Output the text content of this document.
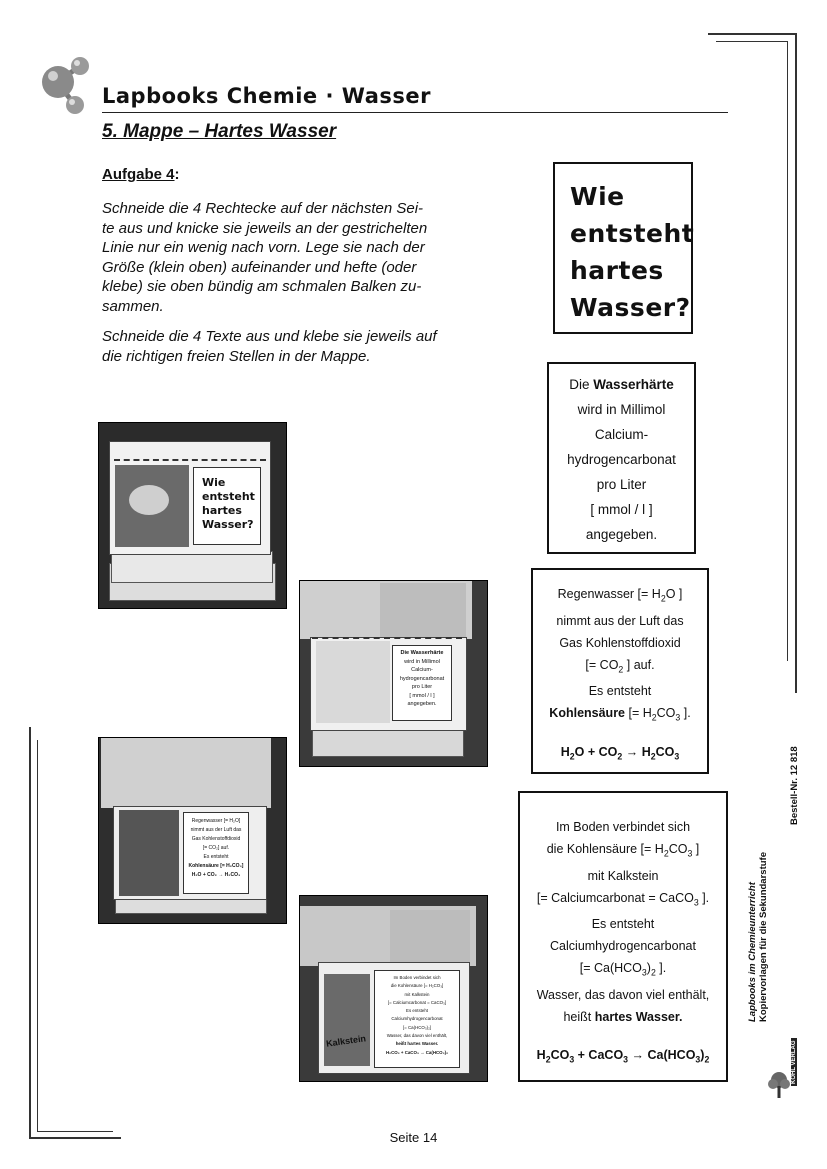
Lapbooks Chemie · Wasser
5. Mappe – Hartes Wasser
Aufgabe 4:
Schneide die 4 Rechtecke auf der nächsten Sei-
te aus und knicke sie jeweils an der gestrichelten
Linie nur ein wenig nach vorn. Lege sie nach der
Größe (klein oben) aufeinander und hefte (oder
klebe) sie oben bündig am schmalen Balken zu-
sammen.
Schneide die 4 Texte aus und klebe sie jeweils auf
die richtigen freien Stellen in der Mappe.
Wie
entsteht
hartes
Wasser?
Die Wasserhärte
wird in Millimol
Calcium-
hydrogencarbonat
pro Liter
[ mmol / l ]
angegeben.
Regenwasser [= $H_2O$ ]
nimmt aus der Luft das
Gas Kohlenstoffdioxid
[= $CO_2$ ] auf.
Es entsteht
Kohlensäure [= $H_2CO_3$ ].
$H_2O + CO_2 \to H_2CO_3$
Im Boden verbindet sich
die Kohlensäure [= $H_2CO_3$ ]
mit Kalkstein
[= Calciumcarbonat = CaCO$_3$ ].
Es entsteht
Calciumhydrogencarbonat
[= $Ca(HCO_3)_2$ ].
Wasser, das davon viel enthält,
heißt hartes Wasser.
$H_2CO_3$ + CaCO$_3$ → $Ca(HCO_3)_2$
Wie
entsteht
hartes
Wasser?
Die Wasserhärte
wird in Millimol
Calcium-
hydrogencarbonat
pro Liter
[ mmol / l ]
angegeben.
Regenwasser [= H₂O]
nimmt aus der Luft das
Gas Kohlenstoffdioxid
[= CO₂] auf.
Es entsteht
Kohlensäure [= H₂CO₃]
H₂O + CO₂ → H₂CO₃
Kalkstein
Im Boden verbindet sich
die Kohlensäure [= H₂CO₃]
mit Kalkstein
[= Calciumcarbonat = CaCO₃]
Es entsteht
Calciumhydrogencarbonat
[= Ca(HCO₃)₂]
Wasser, das davon viel enthält,
heißt hartes Wasser.
H₂CO₃ + CaCO₃ → Ca(HCO₃)₂
Bestell-Nr. 12 818
Lapbooks im Chemieunterricht Kopiervorlagen für die Sekundarstufe
KOHL VERLAG
Seite 14
